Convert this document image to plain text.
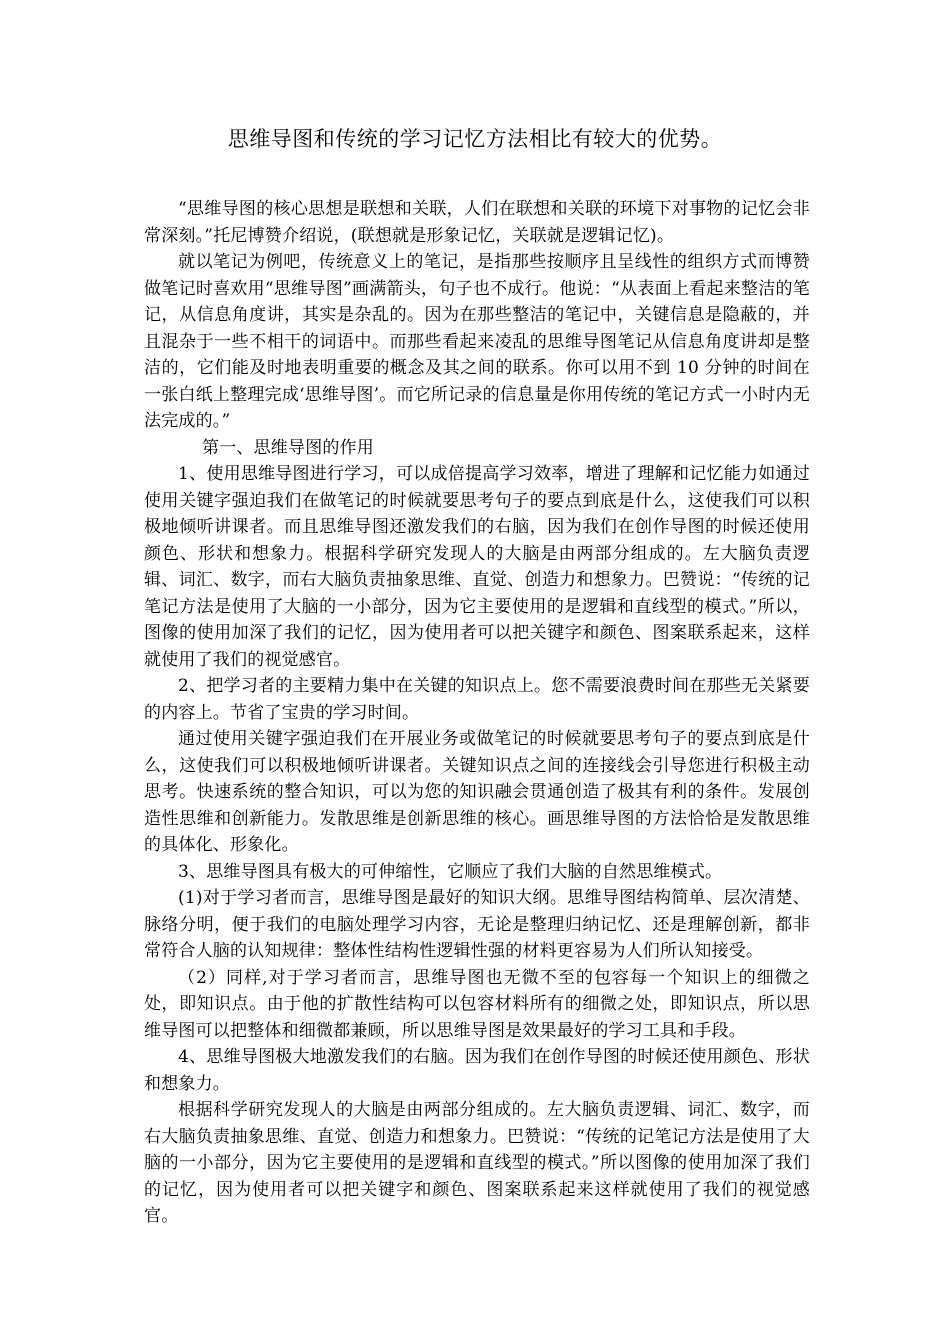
思维导图和传统的学习记忆方法相比有较大的优势。

“思维导图的核心思想是联想和关联，人们在联想和关联的环境下对事物的记忆会非常深刻。”托尼博赞介绍说，(联想就是形象记忆，关联就是逻辑记忆)。

就以笔记为例吧，传统意义上的笔记，是指那些按顺序且呈线性的组织方式而博赞做笔记时喜欢用“思维导图”画满箭头，句子也不成行。他说：“从表面上看起来整洁的笔记，从信息角度讲，其实是杂乱的。因为在那些整洁的笔记中，关键信息是隐蔽的，并且混杂于一些不相干的词语中。而那些看起来凌乱的思维导图笔记从信息角度讲却是整洁的，它们能及时地表明重要的概念及其之间的联系。你可以用不到 10 分钟的时间在一张白纸上整理完成‘思维导图’。而它所记录的信息量是你用传统的笔记方式一小时内无法完成的。”

第一、思维导图的作用

1、使用思维导图进行学习，可以成倍提高学习效率，增进了理解和记忆能力如通过使用关键字强迫我们在做笔记的时候就要思考句子的要点到底是什么，这使我们可以积极地倾听讲课者。而且思维导图还激发我们的右脑，因为我们在创作导图的时候还使用颜色、形状和想象力。根据科学研究发现人的大脑是由两部分组成的。左大脑负责逻辑、词汇、数字，而右大脑负责抽象思维、直觉、创造力和想象力。巴赞说：“传统的记笔记方法是使用了大脑的一小部分，因为它主要使用的是逻辑和直线型的模式。”所以，图像的使用加深了我们的记忆，因为使用者可以把关键字和颜色、图案联系起来，这样就使用了我们的视觉感官。

2、把学习者的主要精力集中在关键的知识点上。您不需要浪费时间在那些无关紧要的内容上。节省了宝贵的学习时间。

通过使用关键字强迫我们在开展业务或做笔记的时候就要思考句子的要点到底是什么，这使我们可以积极地倾听讲课者。关键知识点之间的连接线会引导您进行积极主动思考。快速系统的整合知识，可以为您的知识融会贯通创造了极其有利的条件。发展创造性思维和创新能力。发散思维是创新思维的核心。画思维导图的方法恰恰是发散思维的具体化、形象化。

3、思维导图具有极大的可伸缩性，它顺应了我们大脑的自然思维模式。

(1)对于学习者而言，思维导图是最好的知识大纲。思维导图结构简单、层次清楚、脉络分明，便于我们的电脑处理学习内容，无论是整理归纳记忆、还是理解创新，都非常符合人脑的认知规律：整体性结构性逻辑性强的材料更容易为人们所认知接受。

（2）同样,对于学习者而言，思维导图也无微不至的包容每一个知识上的细微之处，即知识点。由于他的扩散性结构可以包容材料所有的细微之处，即知识点，所以思维导图可以把整体和细微都兼顾，所以思维导图是效果最好的学习工具和手段。

4、思维导图极大地激发我们的右脑。因为我们在创作导图的时候还使用颜色、形状和想象力。

根据科学研究发现人的大脑是由两部分组成的。左大脑负责逻辑、词汇、数字，而右大脑负责抽象思维、直觉、创造力和想象力。巴赞说：“传统的记笔记方法是使用了大脑的一小部分，因为它主要使用的是逻辑和直线型的模式。”所以图像的使用加深了我们的记忆，因为使用者可以把关键字和颜色、图案联系起来这样就使用了我们的视觉感官。
